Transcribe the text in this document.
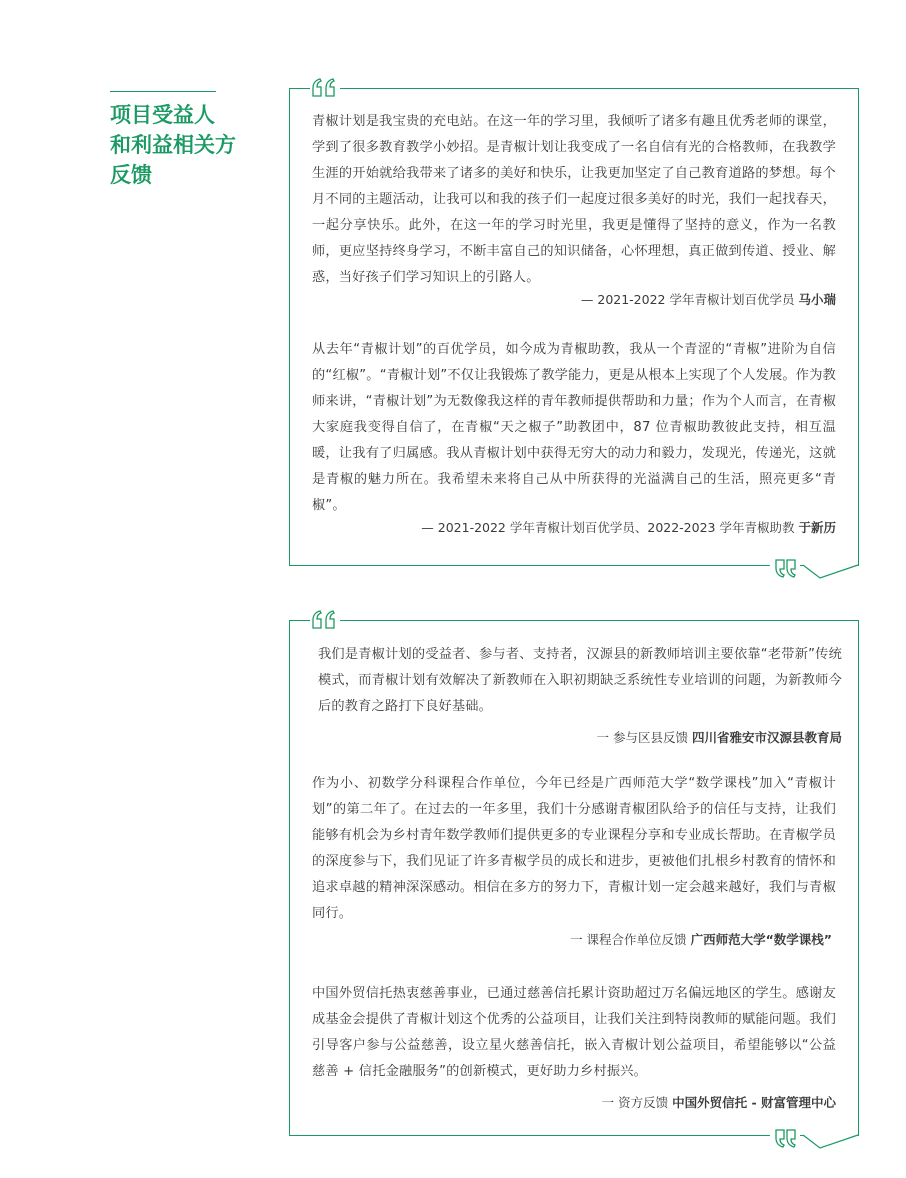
项目受益人
和利益相关方
反馈
青椒计划是我宝贵的充电站。在这一年的学习里，我倾听了诸多有趣且优秀老师的课堂，学到了很多教育教学小妙招。是青椒计划让我变成了一名自信有光的合格教师，在我教学生涯的开始就给我带来了诸多的美好和快乐，让我更加坚定了自己教育道路的梦想。每个月不同的主题活动，让我可以和我的孩子们一起度过很多美好的时光，我们一起找春天，一起分享快乐。此外，在这一年的学习时光里，我更是懂得了坚持的意义，作为一名教师，更应坚持终身学习，不断丰富自己的知识储备，心怀理想，真正做到传道、授业、解惑，当好孩子们学习知识上的引路人。
— 2021-2022 学年青椒计划百优学员 马小瑞
从去年“青椒计划”的百优学员，如今成为青椒助教，我从一个青涩的“青椒”进阶为自信的“红椒”。“青椒计划”不仅让我锻炼了教学能力，更是从根本上实现了个人发展。作为教师来讲，“青椒计划”为无数像我这样的青年教师提供帮助和力量；作为个人而言，在青椒大家庭我变得自信了，在青椒“天之椒子”助教团中，87 位青椒助教彼此支持，相互温暖，让我有了归属感。我从青椒计划中获得无穷大的动力和毅力，发现光，传递光，这就是青椒的魅力所在。我希望未来将自己从中所获得的光溢满自己的生活，照亮更多“青椒”。
— 2021-2022 学年青椒计划百优学员、2022-2023 学年青椒助教 于新历
我们是青椒计划的受益者、参与者、支持者，汉源县的新教师培训主要依靠“老带新”传统模式，而青椒计划有效解决了新教师在入职初期缺乏系统性专业培训的问题，为新教师今后的教育之路打下良好基础。
一 参与区县反馈 四川省雅安市汉源县教育局
作为小、初数学分科课程合作单位，今年已经是广西师范大学“数学课栈”加入“青椒计划”的第二年了。在过去的一年多里，我们十分感谢青椒团队给予的信任与支持，让我们能够有机会为乡村青年数学教师们提供更多的专业课程分享和专业成长帮助。在青椒学员的深度参与下，我们见证了许多青椒学员的成长和进步，更被他们扎根乡村教育的情怀和追求卓越的精神深深感动。相信在多方的努力下，青椒计划一定会越来越好，我们与青椒同行。
一 课程合作单位反馈 广西师范大学“数学课栈”
中国外贸信托热衷慈善事业，已通过慈善信托累计资助超过万名偏远地区的学生。感谢友成基金会提供了青椒计划这个优秀的公益项目，让我们关注到特岗教师的赋能问题。我们引导客户参与公益慈善，设立星火慈善信托，嵌入青椒计划公益项目，希望能够以“公益慈善 + 信托金融服务”的创新模式，更好助力乡村振兴。
一 资方反馈 中国外贸信托 - 财富管理中心
